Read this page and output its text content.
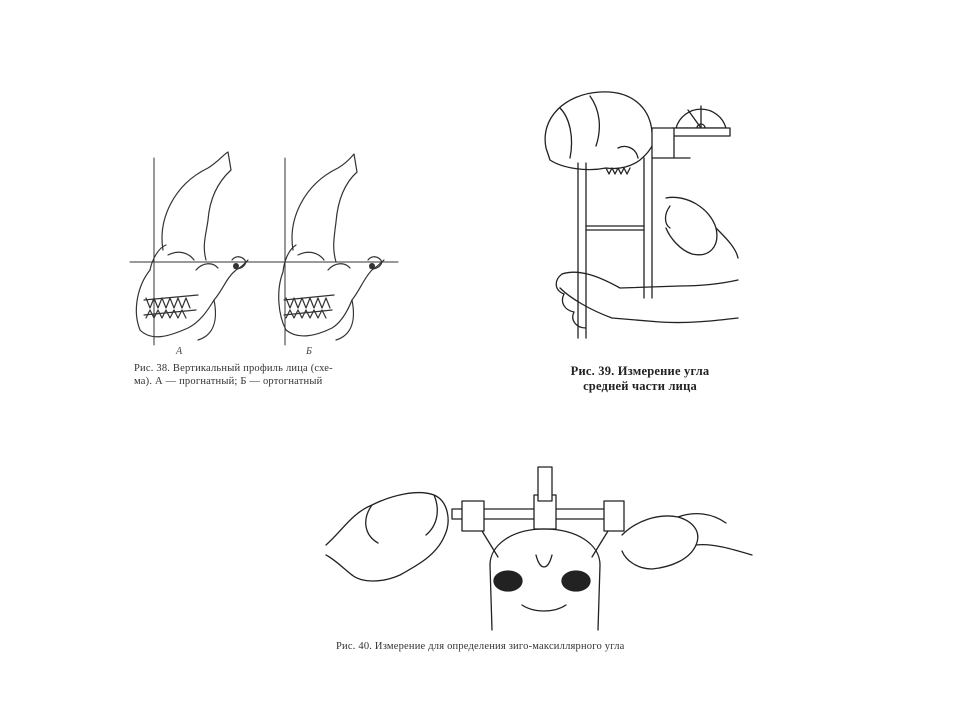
А	Б
Рис. 38. Вертикальный профиль лица (схе-
ма). А — прогнатный; Б — ортогнатный
Рис. 39. Измерение угла
средней части лица
Рис. 40. Измерение для определения зиго-максиллярного угла
